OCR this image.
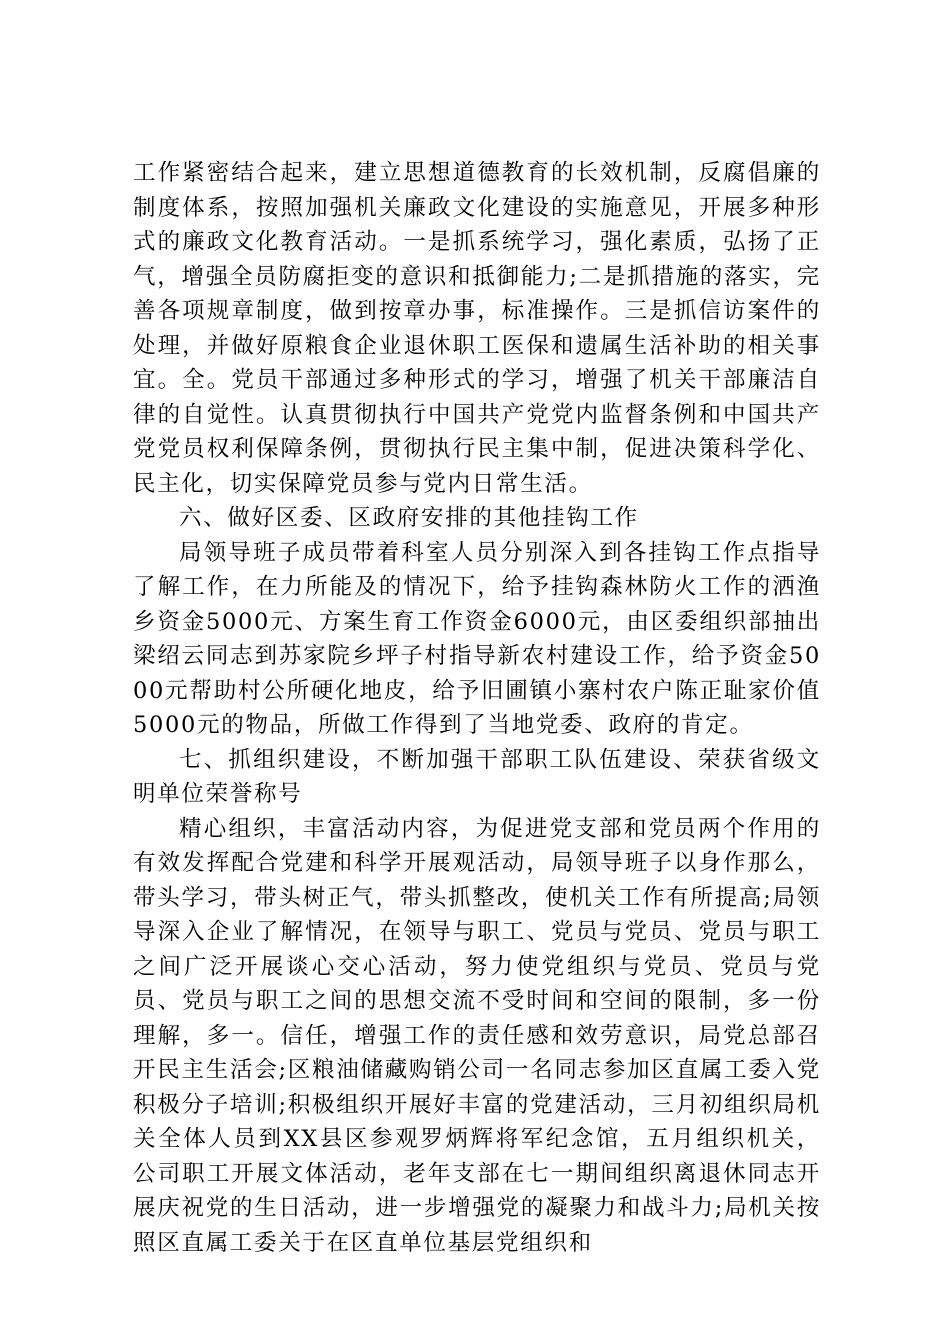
工作紧密结合起来，建立思想道德教育的长效机制，反腐倡廉的制度体系，按照加强机关廉政文化建设的实施意见，开展多种形式的廉政文化教育活动。一是抓系统学习，强化素质，弘扬了正气，增强全员防腐拒变的意识和抵御能力;二是抓措施的落实，完善各项规章制度，做到按章办事，标准操作。三是抓信访案件的处理，并做好原粮食企业退休职工医保和遗属生活补助的相关事宜。全。党员干部通过多种形式的学习，增强了机关干部廉洁自律的自觉性。认真贯彻执行中国共产党党内监督条例和中国共产党党员权利保障条例，贯彻执行民主集中制，促进决策科学化、民主化，切实保障党员参与党内日常生活。

六、做好区委、区政府安排的其他挂钩工作

局领导班子成员带着科室人员分别深入到各挂钩工作点指导了解工作，在力所能及的情况下，给予挂钩森林防火工作的洒渔乡资金5000元、方案生育工作资金6000元，由区委组织部抽出梁绍云同志到苏家院乡坪子村指导新农村建设工作，给予资金5000元帮助村公所硬化地皮，给予旧圃镇小寨村农户陈正耻家价值5000元的物品，所做工作得到了当地党委、政府的肯定。

七、抓组织建设，不断加强干部职工队伍建设、荣获省级文明单位荣誉称号

精心组织，丰富活动内容，为促进党支部和党员两个作用的有效发挥配合党建和科学开展观活动，局领导班子以身作那么，带头学习，带头树正气，带头抓整改，使机关工作有所提高;局领导深入企业了解情况，在领导与职工、党员与党员、党员与职工之间广泛开展谈心交心活动，努力使党组织与党员、党员与党员、党员与职工之间的思想交流不受时间和空间的限制，多一份理解，多一。信任，增强工作的责任感和效劳意识，局党总部召开民主生活会;区粮油储藏购销公司一名同志参加区直属工委入党积极分子培训;积极组织开展好丰富的党建活动，三月初组织局机关全体人员到XX县区参观罗炳辉将军纪念馆，五月组织机关，公司职工开展文体活动，老年支部在七一期间组织离退休同志开展庆祝党的生日活动，进一步增强党的凝聚力和战斗力;局机关按照区直属工委关于在区直单位基层党组织和
